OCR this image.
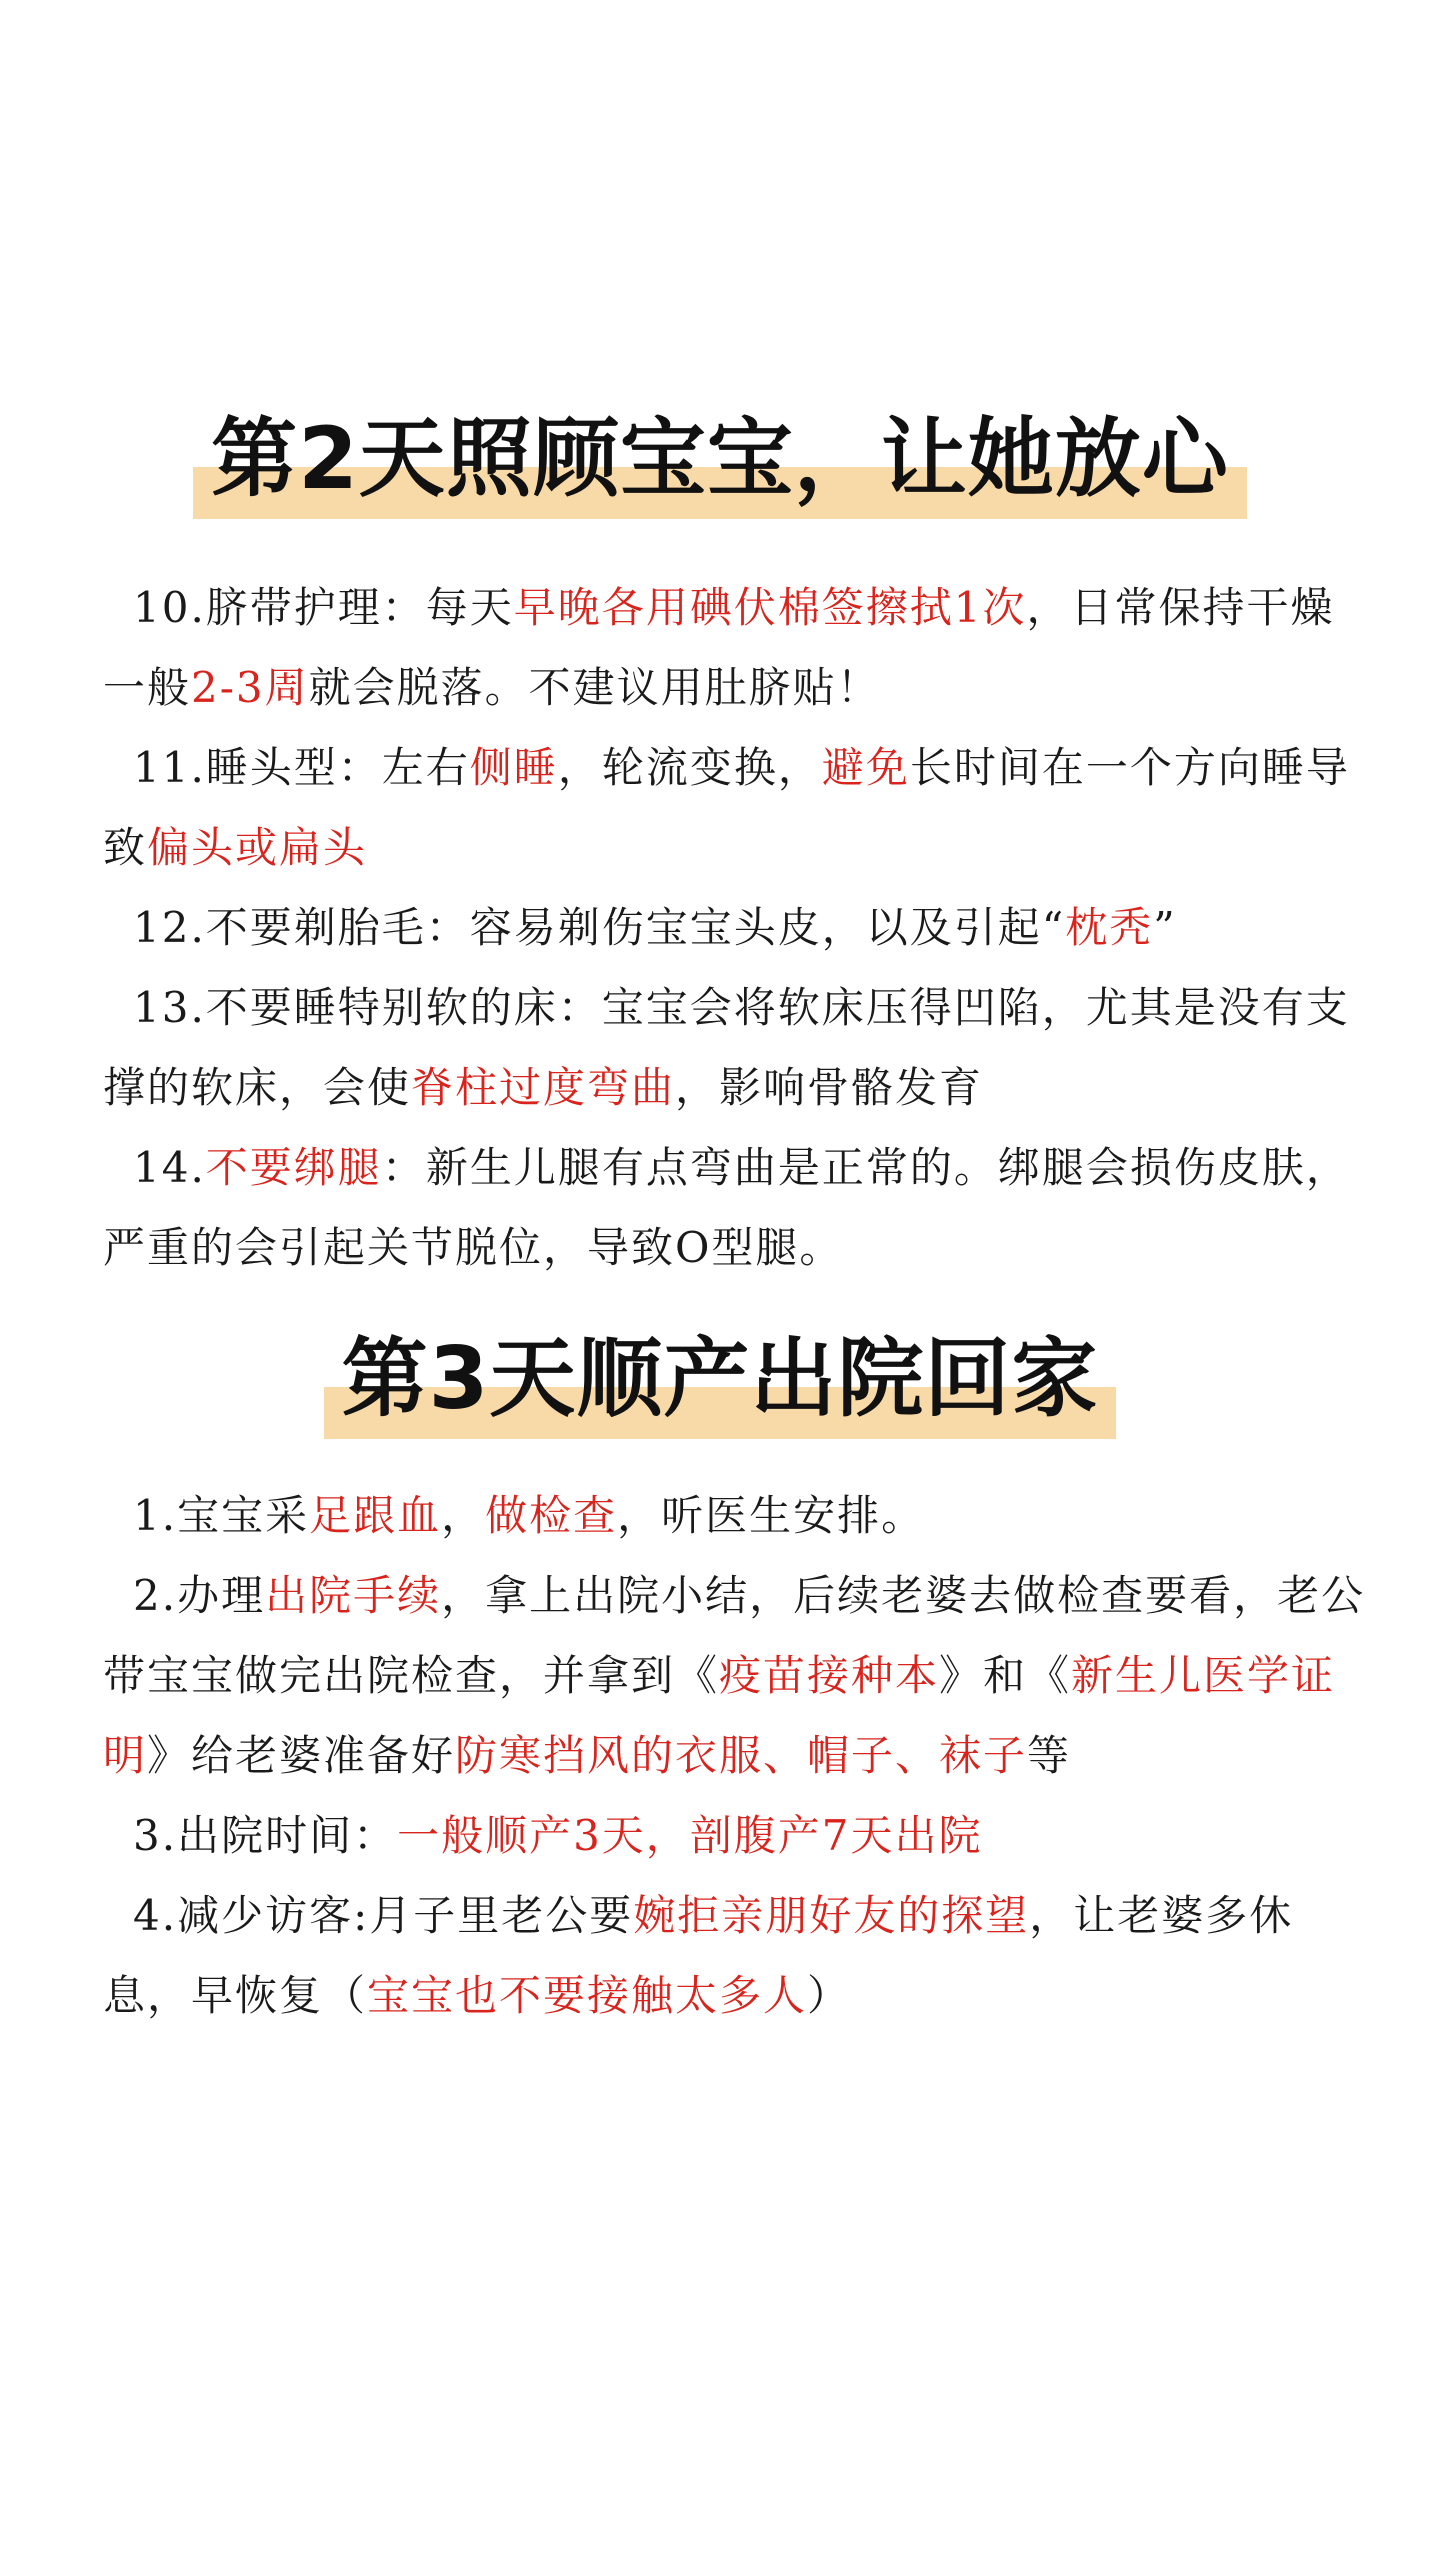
第2天照顾宝宝，让她放心

10.脐带护理：每天早晚各用碘伏棉签擦拭1次，日常保持干燥一般2-3周就会脱落。不建议用肚脐贴！

11.睡头型：左右侧睡，轮流变换，避免长时间在一个方向睡导致偏头或扁头

12.不要剃胎毛：容易剃伤宝宝头皮，以及引起“枕秃”

13.不要睡特别软的床：宝宝会将软床压得凹陷，尤其是没有支撑的软床，会使脊柱过度弯曲，影响骨骼发育

14.不要绑腿：新生儿腿有点弯曲是正常的。绑腿会损伤皮肤，严重的会引起关节脱位，导致O型腿。

第3天顺产出院回家

1.宝宝采足跟血，做检查，听医生安排。

2.办理出院手续，拿上出院小结，后续老婆去做检查要看，老公带宝宝做完出院检查，并拿到《疫苗接种本》和《新生儿医学证明》给老婆准备好防寒挡风的衣服、帽子、袜子等

3.出院时间：一般顺产3天，剖腹产7天出院

4.减少访客:月子里老公要婉拒亲朋好友的探望，让老婆多休息，早恢复（宝宝也不要接触太多人）
